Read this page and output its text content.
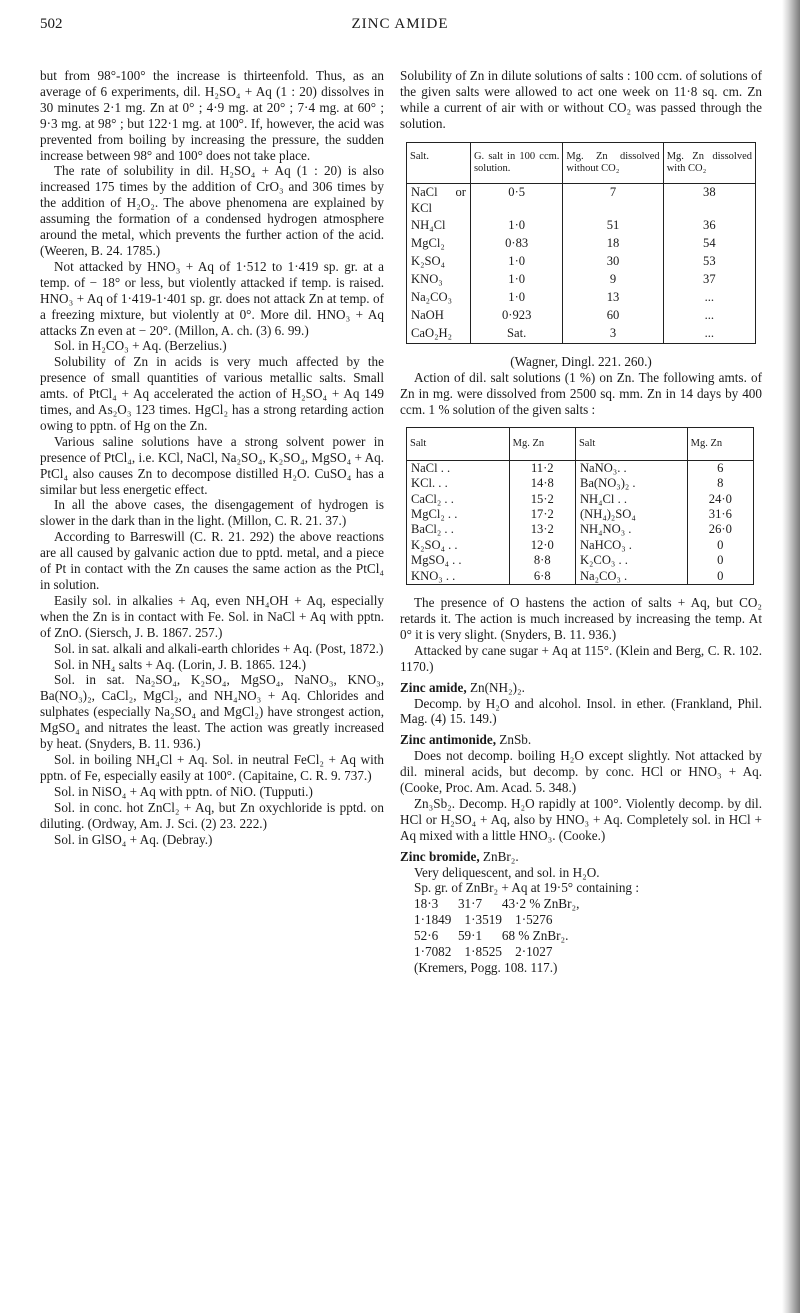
502	ZINC AMIDE

but from 98°-100° the increase is thirteenfold. Thus, as an average of 6 experiments, dil. H₂SO₄ + Aq (1 : 20) dissolves in 30 minutes 2·1 mg. Zn at 0° ; 4·9 mg. at 20° ; 7·4 mg. at 60° ; 9·3 mg. at 98° ; but 122·1 mg. at 100°. If, however, the acid was prevented from boiling by increasing the pressure, the sudden increase between 98° and 100° does not take place.

The rate of solubility in dil. H₂SO₄ + Aq (1 : 20) is also increased 175 times by the addition of CrO₃ and 306 times by the addition of H₂O₂. The above phenomena are explained by assuming the formation of a condensed hydrogen atmosphere around the metal, which prevents the further action of the acid. (Weeren, B. 24. 1785.)

Not attacked by HNO₃ + Aq of 1·512 to 1·419 sp. gr. at a temp. of − 18° or less, but violently attacked if temp. is raised. HNO₃ + Aq of 1·419-1·401 sp. gr. does not attack Zn at temp. of a freezing mixture, but violently at 0°. More dil. HNO₃ + Aq attacks Zn even at − 20°. (Millon, A. ch. (3) 6. 99.)

Sol. in H₂CO₃ + Aq. (Berzelius.)

Solubility of Zn in acids is very much affected by the presence of small quantities of various metallic salts. Small amts. of PtCl₄ + Aq accelerated the action of H₂SO₄ + Aq 149 times, and As₂O₃ 123 times. HgCl₂ has a strong retarding action owing to pptn. of Hg on the Zn.

Various saline solutions have a strong solvent power in presence of PtCl₄, i.e. KCl, NaCl, Na₂SO₄, K₂SO₄, MgSO₄ + Aq. PtCl₄ also causes Zn to decompose distilled H₂O. CuSO₄ has a similar but less energetic effect.

In all the above cases, the disengagement of hydrogen is slower in the dark than in the light. (Millon, C. R. 21. 37.)

According to Barreswill (C. R. 21. 292) the above reactions are all caused by galvanic action due to pptd. metal, and a piece of Pt in contact with the Zn causes the same action as the PtCl₄ in solution.

Easily sol. in alkalies + Aq, even NH₄OH + Aq, especially when the Zn is in contact with Fe. Sol. in NaCl + Aq with pptn. of ZnO. (Siersch, J. B. 1867. 257.)

Sol. in sat. alkali and alkali-earth chlorides + Aq. (Post, 1872.)

Sol. in NH₄ salts + Aq. (Lorin, J. B. 1865. 124.)

Sol. in sat. Na₂SO₄, K₂SO₄, MgSO₄, NaNO₃, KNO₃, Ba(NO₃)₂, CaCl₂, MgCl₂, and NH₄NO₃ + Aq. Chlorides and sulphates (especially Na₂SO₄ and MgCl₂) have strongest action, MgSO₄ and nitrates the least. The action was greatly increased by heat. (Snyders, B. 11. 936.)

Sol. in boiling NH₄Cl + Aq. Sol. in neutral FeCl₂ + Aq with pptn. of Fe, especially easily at 100°. (Capitaine, C. R. 9. 737.)

Sol. in NiSO₄ + Aq with pptn. of NiO. (Tupputi.)

Sol. in conc. hot ZnCl₂ + Aq, but Zn oxychloride is pptd. on diluting. (Ordway, Am. J. Sci. (2) 23. 222.)

Sol. in GlSO₄ + Aq. (Debray.)

Solubility of Zn in dilute solutions of salts : 100 ccm. of solutions of the given salts were allowed to act one week on 11·8 sq. cm. Zn while a current of air with or without CO₂ was passed through the solution.

Salt.	G. salt in 100 ccm. solution.	Mg. Zn dissolved without CO₂	Mg. Zn dissolved with CO₂
NaCl or KCl	0·5	7	38
NH₄Cl	1·0	51	36
MgCl₂	0·83	18	54
K₂SO₄	1·0	30	53
KNO₃	1·0	9	37
Na₂CO₃	1·0	13	...
NaOH	0·923	60	...
CaO₂H₂	Sat.	3	...

(Wagner, Dingl. 221. 260.)

Action of dil. salt solutions (1 %) on Zn. The following amts. of Zn in mg. were dissolved from 2500 sq. mm. Zn in 14 days by 400 ccm. 1 % solution of the given salts :

Salt	Mg. Zn	Salt	Mg. Zn
NaCl . .	11·2	NaNO₃. .	6
KCl. . .	14·8	Ba(NO₃)₂ .	8
CaCl₂ . .	15·2	NH₄Cl . .	24·0
MgCl₂ . .	17·2	(NH₄)₂SO₄	31·6
BaCl₂ . .	13·2	NH₄NO₃ .	26·0
K₂SO₄ . .	12·0	NaHCO₃ .	0
MgSO₄ . .	8·8	K₂CO₃ . .	0
KNO₃ . .	6·8	Na₂CO₃ .	0

The presence of O hastens the action of salts + Aq, but CO₂ retards it. The action is much increased by increasing the temp. At 0° it is very slight. (Snyders, B. 11. 936.)

Attacked by cane sugar + Aq at 115°. (Klein and Berg, C. R. 102. 1170.)

Zinc amide, Zn(NH₂)₂.

Decomp. by H₂O and alcohol. Insol. in ether. (Frankland, Phil. Mag. (4) 15. 149.)

Zinc antimonide, ZnSb.

Does not decomp. boiling H₂O except slightly. Not attacked by dil. mineral acids, but decomp. by conc. HCl or HNO₃ + Aq. (Cooke, Proc. Am. Acad. 5. 348.)

Zn₃Sb₂. Decomp. H₂O rapidly at 100°. Violently decomp. by dil. HCl or H₂SO₄ + Aq, also by HNO₃ + Aq. Completely sol. in HCl + Aq mixed with a little HNO₃. (Cooke.)

Zinc bromide, ZnBr₂.

Very deliquescent, and sol. in H₂O.

Sp. gr. of ZnBr₂ + Aq at 19·5° containing :

18·3      31·7      43·2 % ZnBr₂,
1·1849    1·3519    1·5276
52·6      59·1      68 % ZnBr₂.
1·7082    1·8525    2·1027

(Kremers, Pogg. 108. 117.)
